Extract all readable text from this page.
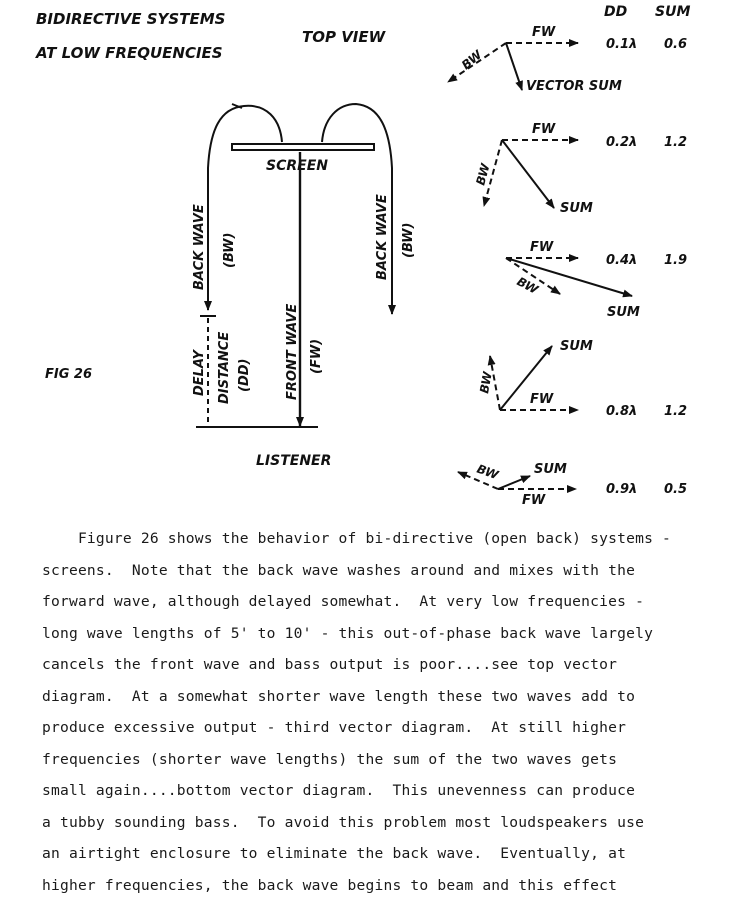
BIDIRECTIVE SYSTEMS
AT LOW FREQUENCIES
TOP VIEW
FIG 26
DD SUM
SCREEN
BACK WAVE (BW)
FRONT WAVE (FW)
BACK WAVE (BW)
DELAY DISTANCE (DD)
LISTENER
FW
BW
VECTOR SUM
0.1λ 0.6
FW
BW
SUM
0.2λ 1.2
FW
BW
SUM
0.4λ 1.9
FW
BW
SUM
0.8λ 1.2
FW
BW	SUM
0.9λ 0.5

Figure 26 shows the behavior of bi-directive (open back) systems -
screens.  Note that the back wave washes around and mixes with the
forward wave, although delayed somewhat.  At very low frequencies -
long wave lengths of 5' to 10' - this out-of-phase back wave largely
cancels the front wave and bass output is poor....see top vector
diagram.  At a somewhat shorter wave length these two waves add to
produce excessive output - third vector diagram.  At still higher
frequencies (shorter wave lengths) the sum of the two waves gets
small again....bottom vector diagram.  This unevenness can produce
a tubby sounding bass.  To avoid this problem most loudspeakers use
an airtight enclosure to eliminate the back wave.  Eventually, at
higher frequencies, the back wave begins to beam and this effect
